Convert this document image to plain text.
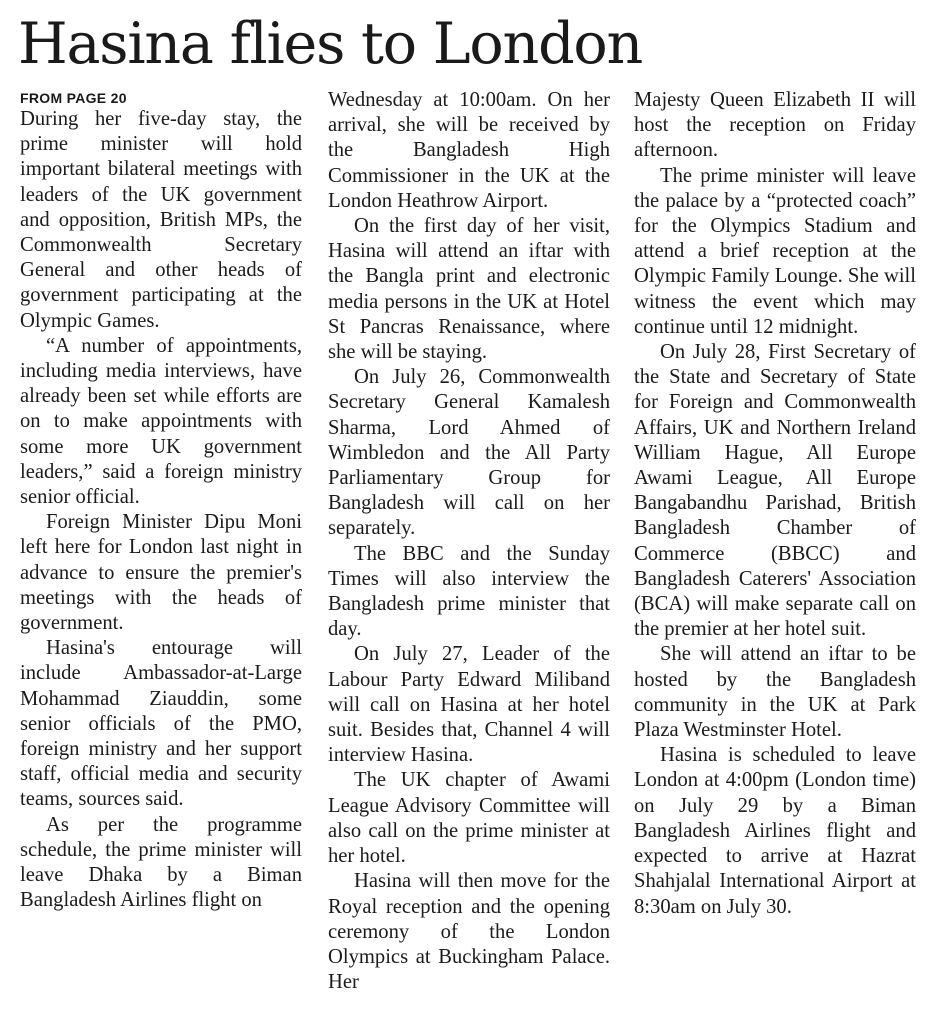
Hasina flies to London
FROM PAGE 20

During her five-day stay, the prime minister will hold important bilateral meetings with leaders of the UK government and opposition, British MPs, the Commonwealth Secretary General and other heads of government participating at the Olympic Games.

“A number of appointments, including media interviews, have already been set while efforts are on to make appointments with some more UK government leaders,” said a foreign ministry senior official.

Foreign Minister Dipu Moni left here for London last night in advance to ensure the premier's meetings with the heads of government.

Hasina's entourage will include Ambassador-at-Large Mohammad Ziauddin, some senior officials of the PMO, foreign ministry and her support staff, official media and security teams, sources said.

As per the programme schedule, the prime minister will leave Dhaka by a Biman Bangladesh Airlines flight on

Wednesday at 10:00am. On her arrival, she will be received by the Bangladesh High Commissioner in the UK at the London Heathrow Airport.

On the first day of her visit, Hasina will attend an iftar with the Bangla print and electronic media persons in the UK at Hotel St Pancras Renaissance, where she will be staying.

On July 26, Commonwealth Secretary General Kamalesh Sharma, Lord Ahmed of Wimbledon and the All Party Parliamentary Group for Bangladesh will call on her separately.

The BBC and the Sunday Times will also interview the Bangladesh prime minister that day.

On July 27, Leader of the Labour Party Edward Miliband will call on Hasina at her hotel suit. Besides that, Channel 4 will interview Hasina.

The UK chapter of Awami League Advisory Committee will also call on the prime minister at her hotel.

Hasina will then move for the Royal reception and the opening ceremony of the London Olympics at Buckingham Palace. Her

Majesty Queen Elizabeth II will host the reception on Friday afternoon.

The prime minister will leave the palace by a “protected coach” for the Olympics Stadium and attend a brief reception at the Olympic Family Lounge. She will witness the event which may continue until 12 midnight.

On July 28, First Secretary of the State and Secretary of State for Foreign and Commonwealth Affairs, UK and Northern Ireland William Hague, All Europe Awami League, All Europe Bangabandhu Parishad, British Bangladesh Chamber of Commerce (BBCC) and Bangladesh Caterers' Association (BCA) will make separate call on the premier at her hotel suit.

She will attend an iftar to be hosted by the Bangladesh community in the UK at Park Plaza Westminster Hotel.

Hasina is scheduled to leave London at 4:00pm (London time) on July 29 by a Biman Bangladesh Airlines flight and expected to arrive at Hazrat Shahjalal International Airport at 8:30am on July 30.
